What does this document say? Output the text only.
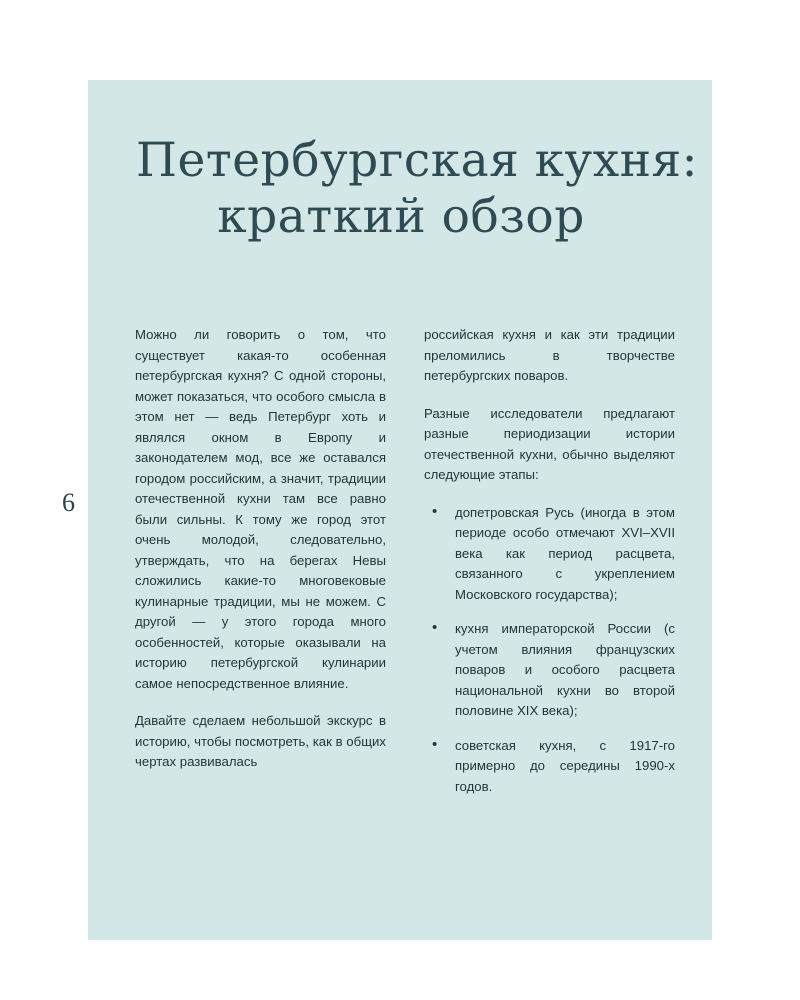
Петербургская кухня:
краткий обзор

Можно ли говорить о том, что существует какая-то особенная петербургская кухня? С одной стороны, может показаться, что особого смысла в этом нет — ведь Петербург хоть и являлся окном в Европу и законодателем мод, все же оставался городом российским, а значит, традиции отечественной кухни там все равно были сильны. К тому же город этот очень молодой, следовательно, утверждать, что на берегах Невы сложились какие-то многовековые кулинарные традиции, мы не можем. С другой — у этого города много особенностей, которые оказывали на историю петербургской кулинарии самое непосредственное влияние.

Давайте сделаем небольшой экскурс в историю, чтобы посмотреть, как в общих чертах развивалась

российская кухня и как эти традиции преломились в творчестве петербургских поваров.

Разные исследователи предлагают разные периодизации истории отечественной кухни, обычно выделяют следующие этапы:

• допетровская Русь (иногда в этом периоде особо отмечают XVI–XVII века как период расцвета, связанного с укреплением Московского государства);
• кухня императорской России (с учетом влияния французских поваров и особого расцвета национальной кухни во второй половине XIX века);
• советская кухня, с 1917-го примерно до середины 1990-х годов.
6
